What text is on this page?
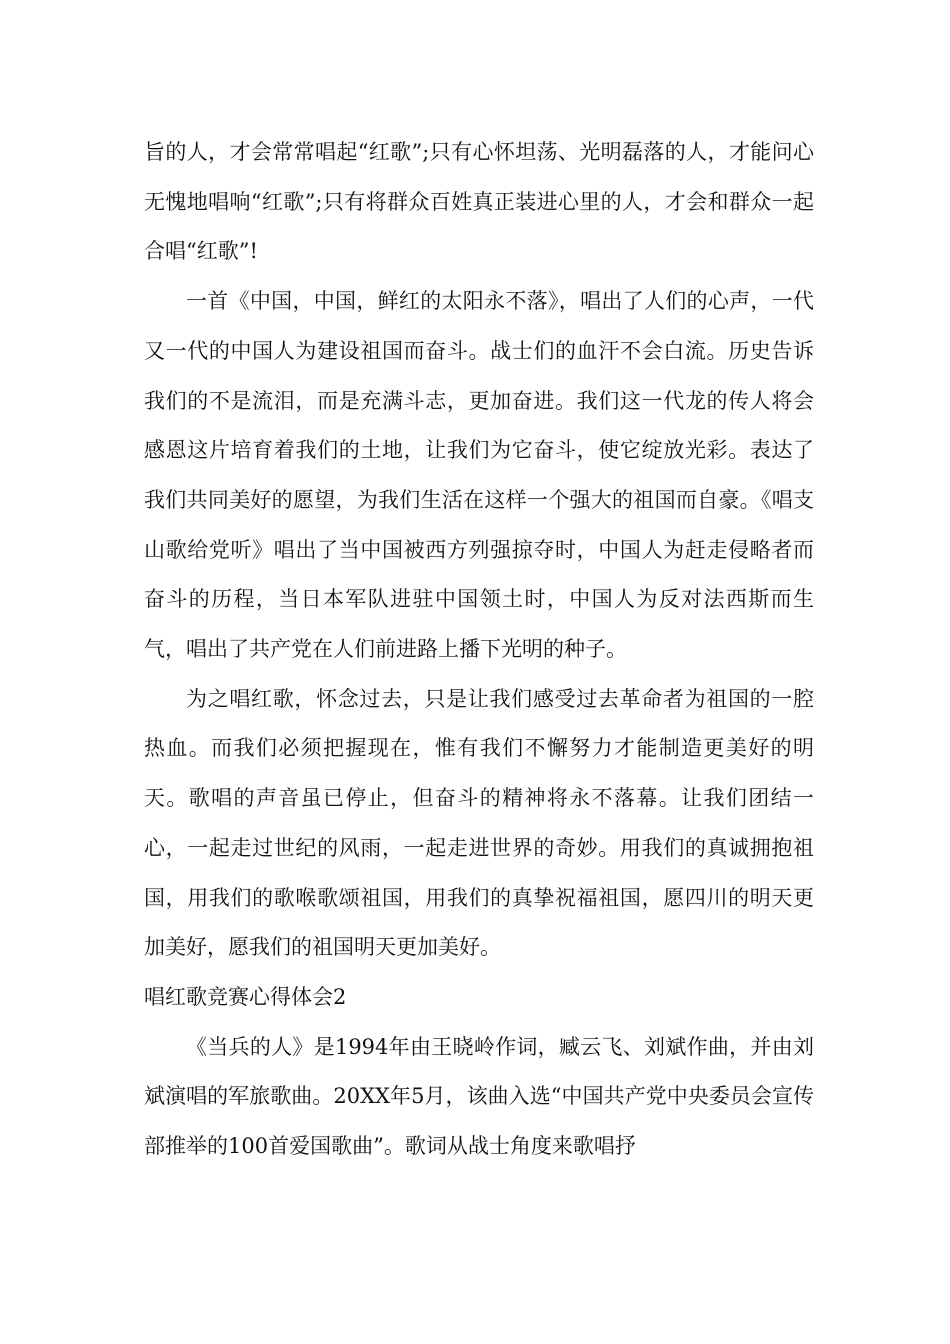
旨的人，才会常常唱起“红歌”;只有心怀坦荡、光明磊落的人，才能问心无愧地唱响“红歌”;只有将群众百姓真正装进心里的人，才会和群众一起合唱“红歌”!

一首《中国，中国，鲜红的太阳永不落》，唱出了人们的心声，一代又一代的中国人为建设祖国而奋斗。战士们的血汗不会白流。历史告诉我们的不是流泪，而是充满斗志，更加奋进。我们这一代龙的传人将会感恩这片培育着我们的土地，让我们为它奋斗，使它绽放光彩。表达了我们共同美好的愿望，为我们生活在这样一个强大的祖国而自豪。《唱支山歌给党听》唱出了当中国被西方列强掠夺时，中国人为赶走侵略者而奋斗的历程，当日本军队进驻中国领土时，中国人为反对法西斯而生气，唱出了共产党在人们前进路上播下光明的种子。

为之唱红歌，怀念过去，只是让我们感受过去革命者为祖国的一腔热血。而我们必须把握现在，惟有我们不懈努力才能制造更美好的明天。歌唱的声音虽已停止，但奋斗的精神将永不落幕。让我们团结一心，一起走过世纪的风雨，一起走进世界的奇妙。用我们的真诚拥抱祖国，用我们的歌喉歌颂祖国，用我们的真挚祝福祖国，愿四川的明天更加美好，愿我们的祖国明天更加美好。

唱红歌竞赛心得体会2

《当兵的人》是1994年由王晓岭作词，臧云飞、刘斌作曲，并由刘斌演唱的军旅歌曲。20XX年5月，该曲入选“中国共产党中央委员会宣传部推举的100首爱国歌曲”。歌词从战士角度来歌唱抒
